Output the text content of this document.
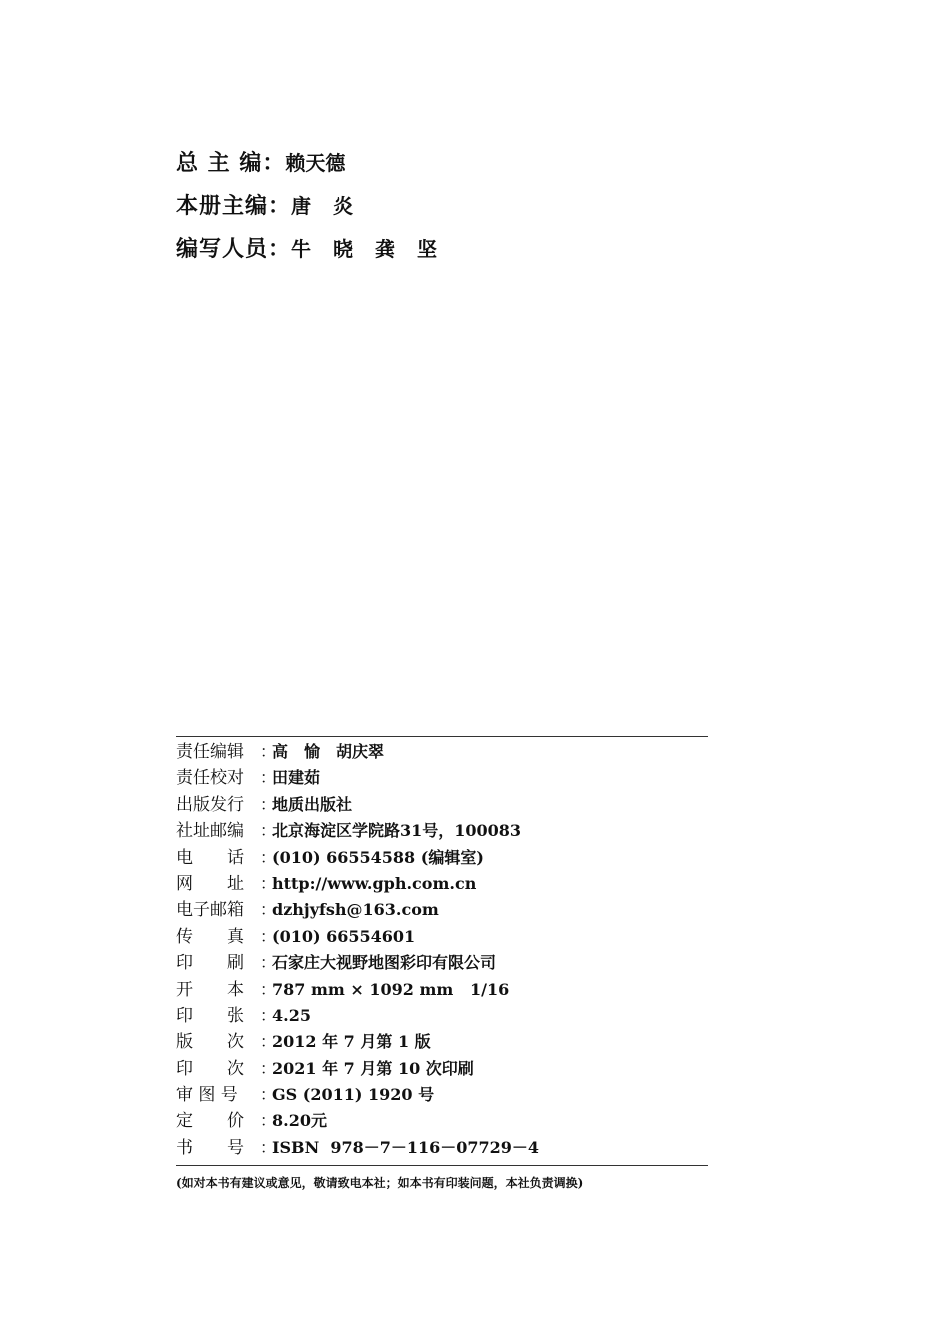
总 主 编 ： 赖天德
本册主编 ： 唐 炎
编写人员 ： 牛 晓 龚 坚
责任编辑	：
高　愉　胡庆翠
责任校对	：
田建茹
出版发行	：
地质出版社
社址邮编	：
北京海淀区学院路31号，100083
电　　话	：
(010) 66554588 (编辑室)
网　　址	：
http://www.gph.com.cn
电子邮箱	：
dzhjyfsh@163.com
传　　真	：
(010) 66554601
印　　刷	：
石家庄大视野地图彩印有限公司
开　　本	：
787 mm × 1092 mm   1/16
印　　张	：
4.25
版　　次	：
2012 年 7 月第 1 版
印　　次	：
2021 年 7 月第 10 次印刷
审 图 号	：
GS (2011) 1920 号
定　　价	：
8.20元
书　　号	：
ISBN  978－7－116－07729－4
(如对本书有建议或意见，敬请致电本社；如本书有印装问题，本社负责调换)
